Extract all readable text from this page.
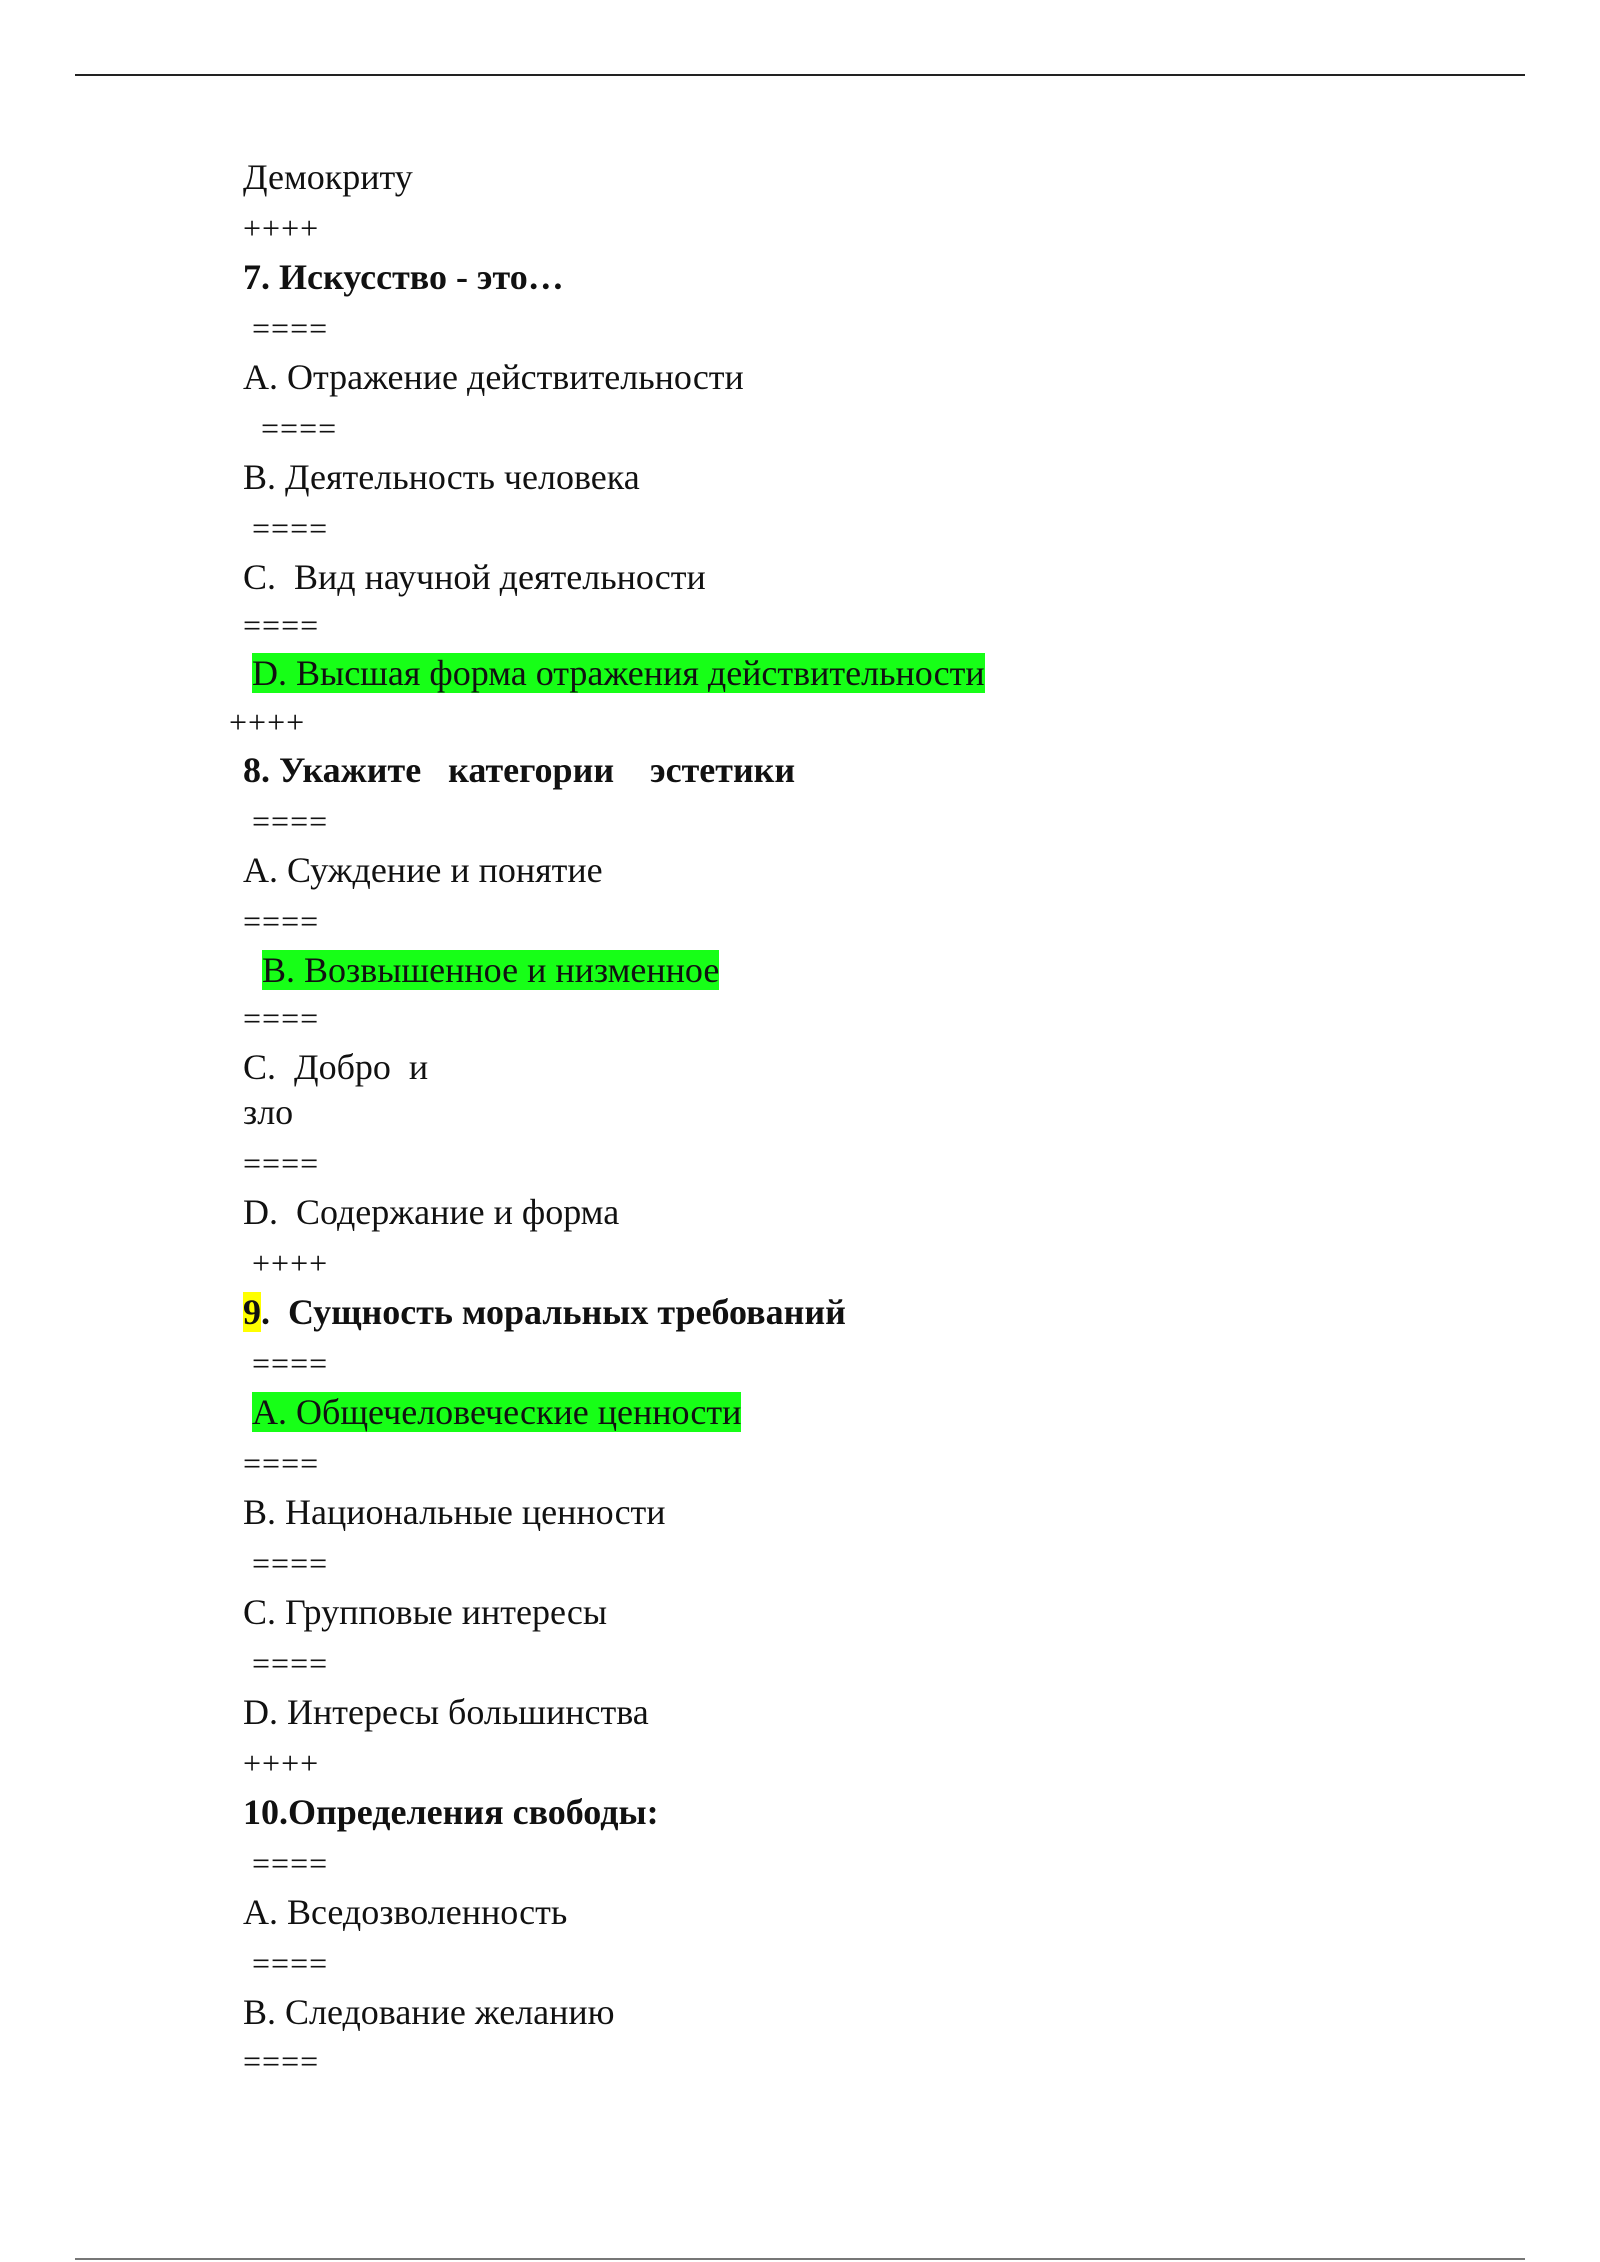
Демокриту
++++
7. Искусство - это…
====
А. Отражение действительности
====
В. Деятельность человека
====
C.  Вид научной деятельности
====
D. Высшая форма отражения действительности
++++
8. Укажите   категории    эстетики
====
A. Суждение и понятие
====
B. Возвышенное и низменное
====
C.  Добро  и
зло
====
D.  Содержание и форма
++++
9.  Сущность моральных требований
====
A. Общечеловеческие ценности
====
B. Национальные ценности
====
C. Групповые интересы
====
D. Интересы большинства
++++
10.Определения свободы:
====
A. Вседозволенность
====
B. Следование желанию
====
